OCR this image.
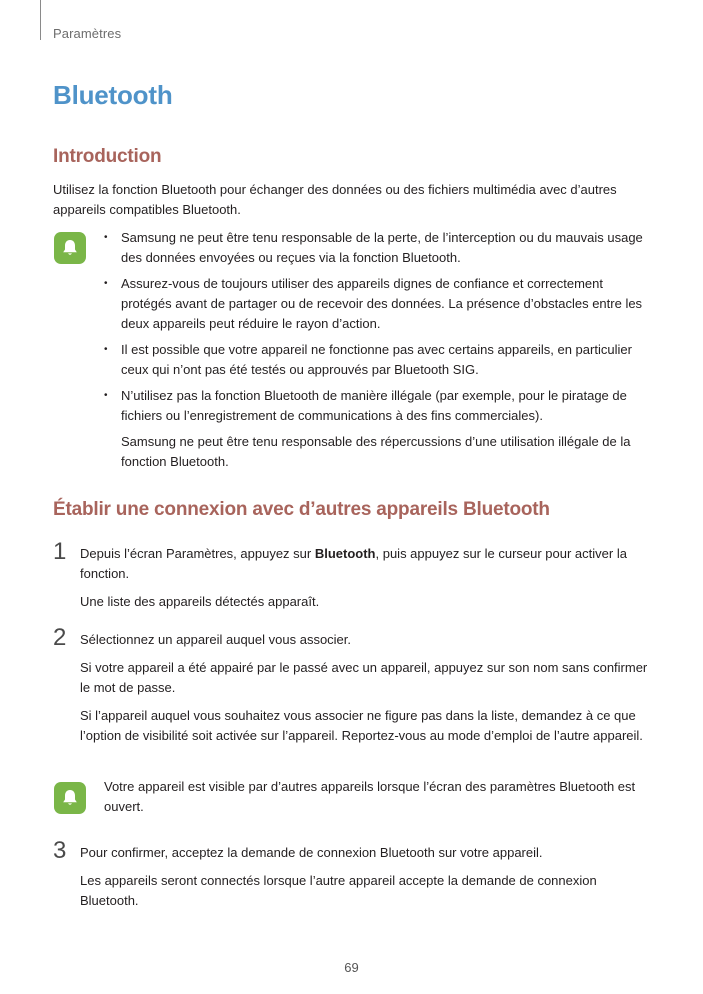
Paramètres
Bluetooth
Introduction
Utilisez la fonction Bluetooth pour échanger des données ou des fichiers multimédia avec d’autres appareils compatibles Bluetooth.
• Samsung ne peut être tenu responsable de la perte, de l’interception ou du mauvais usage des données envoyées ou reçues via la fonction Bluetooth.

• Assurez-vous de toujours utiliser des appareils dignes de confiance et correctement protégés avant de partager ou de recevoir des données. La présence d’obstacles entre les deux appareils peut réduire le rayon d’action.

• Il est possible que votre appareil ne fonctionne pas avec certains appareils, en particulier ceux qui n’ont pas été testés ou approuvés par Bluetooth SIG.

• N’utilisez pas la fonction Bluetooth de manière illégale (par exemple, pour le piratage de fichiers ou l’enregistrement de communications à des fins commerciales).

Samsung ne peut être tenu responsable des répercussions d’une utilisation illégale de la fonction Bluetooth.

Établir une connexion avec d’autres appareils Bluetooth
1 Depuis l’écran Paramètres, appuyez sur Bluetooth, puis appuyez sur le curseur pour activer la fonction.

Une liste des appareils détectés apparaît.

2 Sélectionnez un appareil auquel vous associer.

Si votre appareil a été appairé par le passé avec un appareil, appuyez sur son nom sans confirmer le mot de passe.

Si l’appareil auquel vous souhaitez vous associer ne figure pas dans la liste, demandez à ce que l’option de visibilité soit activée sur l’appareil. Reportez-vous au mode d’emploi de l’autre appareil.

Votre appareil est visible par d’autres appareils lorsque l’écran des paramètres Bluetooth est ouvert.
3 Pour confirmer, acceptez la demande de connexion Bluetooth sur votre appareil.

Les appareils seront connectés lorsque l’autre appareil accepte la demande de connexion Bluetooth.

69
